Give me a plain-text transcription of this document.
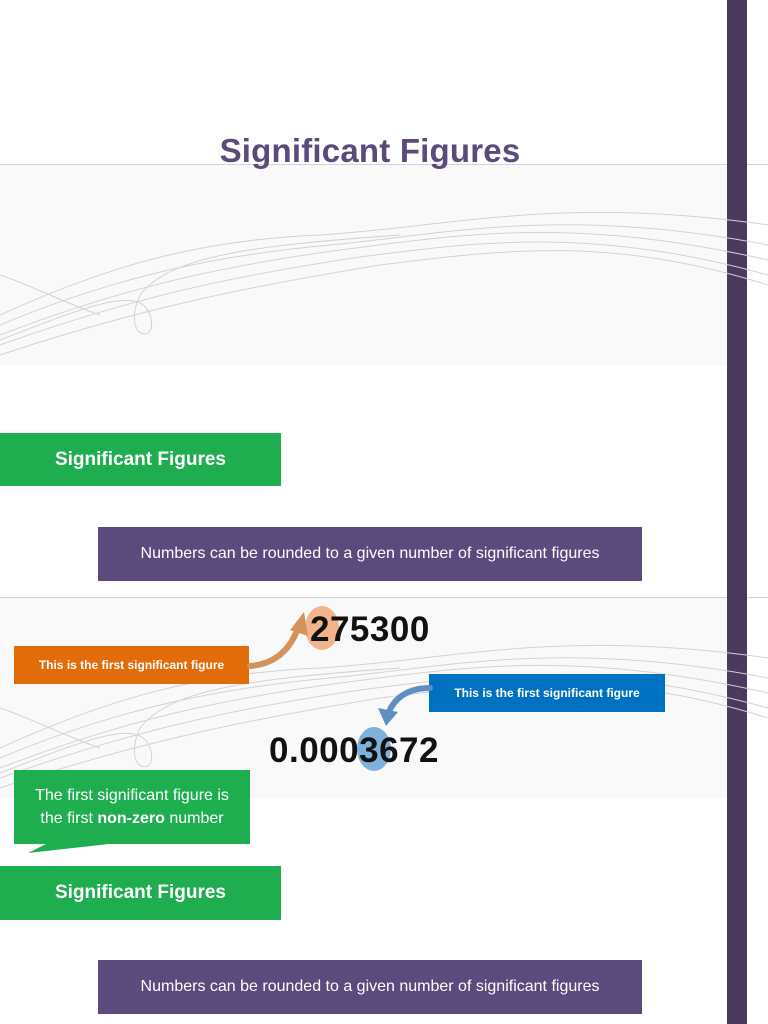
Significant Figures
Significant Figures
Numbers can be rounded to a given number of significant figures
275300
This is the first significant figure
This is the first significant figure
0.0003672
The first significant figure is
the first non-zero number
Significant Figures
Numbers can be rounded to a given number of significant figures
